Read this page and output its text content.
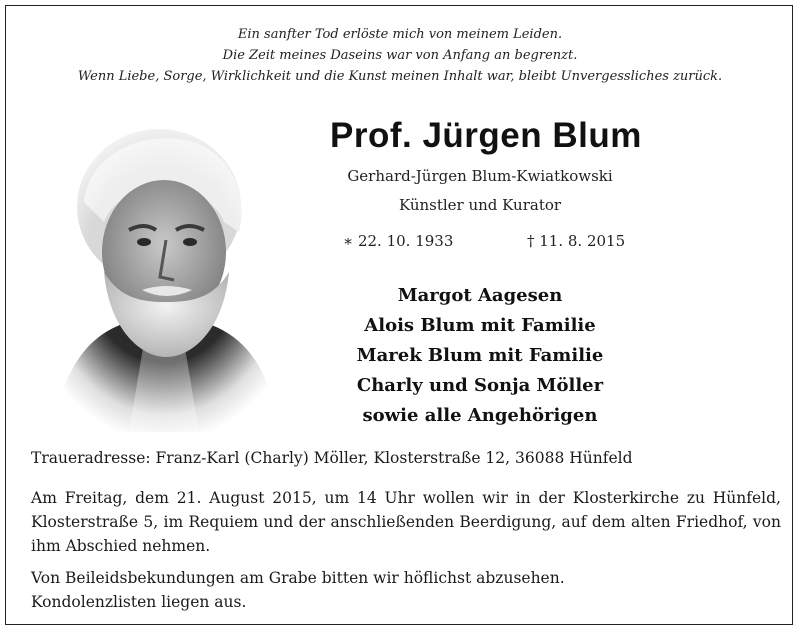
Ein sanfter Tod erlöste mich von meinem Leiden.
Die Zeit meines Daseins war von Anfang an begrenzt.
Wenn Liebe, Sorge, Wirklichkeit und die Kunst meinen Inhalt war, bleibt Unvergessliches zurück.
Prof. Jürgen Blum
Gerhard-Jürgen Blum-Kwiatkowski
Künstler und Kurator
∗ 22. 10. 1933	† 11. 8. 2015
Margot Aagesen
Alois Blum mit Familie
Marek Blum mit Familie
Charly und Sonja Möller
sowie alle Angehörigen
Traueradresse: Franz-Karl (Charly) Möller, Klosterstraße 12, 36088 Hünfeld
Am Freitag, dem 21. August 2015, um 14 Uhr wollen wir in der Klosterkirche zu Hünfeld, Klosterstraße 5, im Requiem und der anschließenden Beerdigung, auf dem alten Friedhof, von ihm Abschied nehmen.
Von Beileidsbekundungen am Grabe bitten wir höflichst abzusehen.
Kondolenzlisten liegen aus.
